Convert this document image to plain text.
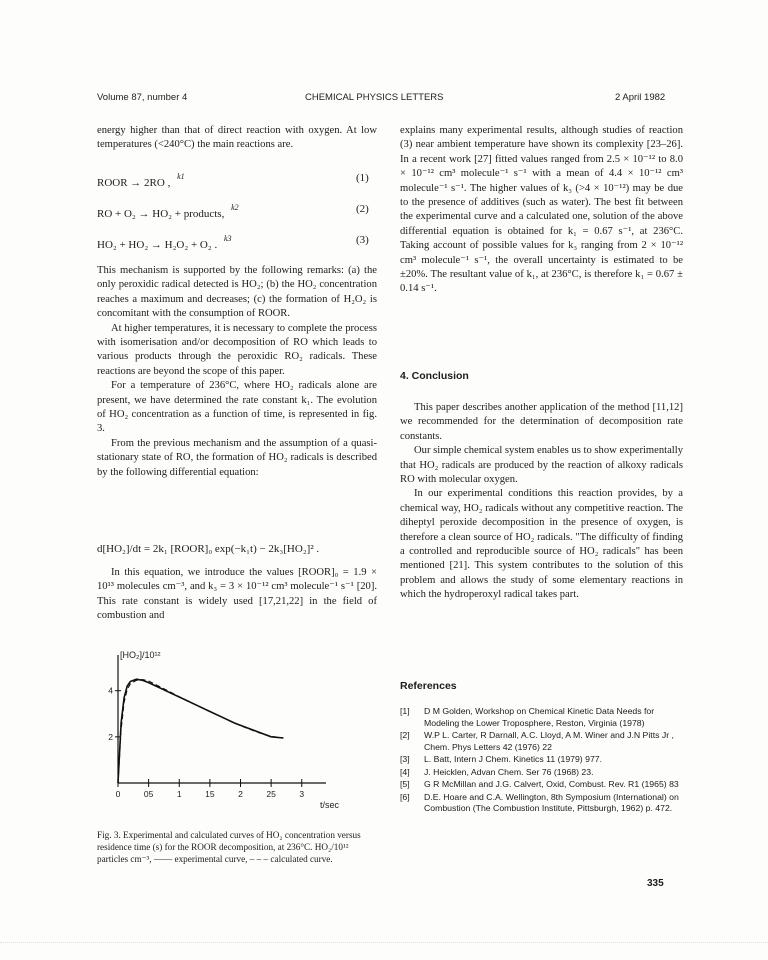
Volume 87, number 4	CHEMICAL PHYSICS LETTERS	2 April 1982

energy higher than that of direct reaction with oxygen. At low temperatures (<240°C) the main reactions are.

ROOR → 2RO , $^{k1}$	(1)
RO + O₂ → HO₂ + products, $^{k2}$	(2)
HO₂ + HO₂ → H₂O₂ + O₂ . $^{k3}$	(3)

This mechanism is supported by the following remarks: (a) the only peroxidic radical detected is HO₂; (b) the HO₂ concentration reaches a maximum and decreases; (c) the formation of H₂O₂ is concomitant with the consumption of ROOR.

At higher temperatures, it is necessary to complete the process with isomerisation and/or decomposition of RO which leads to various products through the peroxidic RO₂ radicals. These reactions are beyond the scope of this paper.

For a temperature of 236°C, where HO₂ radicals alone are present, we have determined the rate constant k₁. The evolution of HO₂ concentration as a function of time, is represented in fig. 3.

From the previous mechanism and the assumption of a quasi-stationary state of RO, the formation of HO₂ radicals is described by the following differential equation:

d[HO₂]/dt = 2k₁ [ROOR]₀ exp(−k₁t) − 2k₃[HO₂]² .

In this equation, we introduce the values [ROOR]₀ = 1.9 × 10¹³ molecules cm⁻³, and k₃ = 3 × 10⁻¹² cm³ molecule⁻¹ s⁻¹ [20]. This rate constant is widely used [17,21,22] in the field of combustion and

[HO₂]/10¹²
t/sec
0	05	1	15	2	25	3
4
2
Fig. 3. Experimental and calculated curves of HO₂ concentration versus residence time (s) for the ROOR decomposition, at 236°C. HO₂/10¹² particles cm⁻³, —— experimental curve, – – – calculated curve.

explains many experimental results, although studies of reaction (3) near ambient temperature have shown its complexity [23–26]. In a recent work [27] fitted values ranged from 2.5 × 10⁻¹² to 8.0 × 10⁻¹² cm³ molecule⁻¹ s⁻¹ with a mean of 4.4 × 10⁻¹² cm³ molecule⁻¹ s⁻¹. The higher values of k₃ (>4 × 10⁻¹²) may be due to the presence of additives (such as water). The best fit between the experimental curve and a calculated one, solution of the above differential equation is obtained for k₁ = 0.67 s⁻¹, at 236°C. Taking account of possible values for k₃ ranging from 2 × 10⁻¹² cm³ molecule⁻¹ s⁻¹, the overall uncertainty is estimated to be ±20%. The resultant value of k₁, at 236°C, is therefore k₁ = 0.67 ± 0.14 s⁻¹.

4. Conclusion

This paper describes another application of the method [11,12] we recommended for the determination of decomposition rate constants.

Our simple chemical system enables us to show experimentally that HO₂ radicals are produced by the reaction of alkoxy radicals RO with molecular oxygen.

In our experimental conditions this reaction provides, by a chemical way, HO₂ radicals without any competitive reaction. The diheptyl peroxide decomposition in the presence of oxygen, is therefore a clean source of HO₂ radicals. "The difficulty of finding a controlled and reproducible source of HO₂ radicals" has been mentioned [21]. This system contributes to the solution of this problem and allows the study of some elementary reactions in which the hydroperoxyl radical takes part.

References
[1] D M Golden, Workshop on Chemical Kinetic Data Needs for Modeling the Lower Troposphere, Reston, Virginia (1978)
[2] W.P L. Carter, R Darnall, A.C. Lloyd, A M. Winer and J.N Pitts Jr , Chem. Phys Letters 42 (1976) 22
[3] L. Batt, Intern J Chem. Kinetics 11 (1979) 977.
[4] J. Heicklen, Advan Chem. Ser 76 (1968) 23.
[5] G R McMillan and J.G. Calvert, Oxid, Combust. Rev. R1 (1965) 83
[6] D.E. Hoare and C.A. Wellington, 8th Symposium (International) on Combustion (The Combustion Institute, Pittsburgh, 1962) p. 472.
335
